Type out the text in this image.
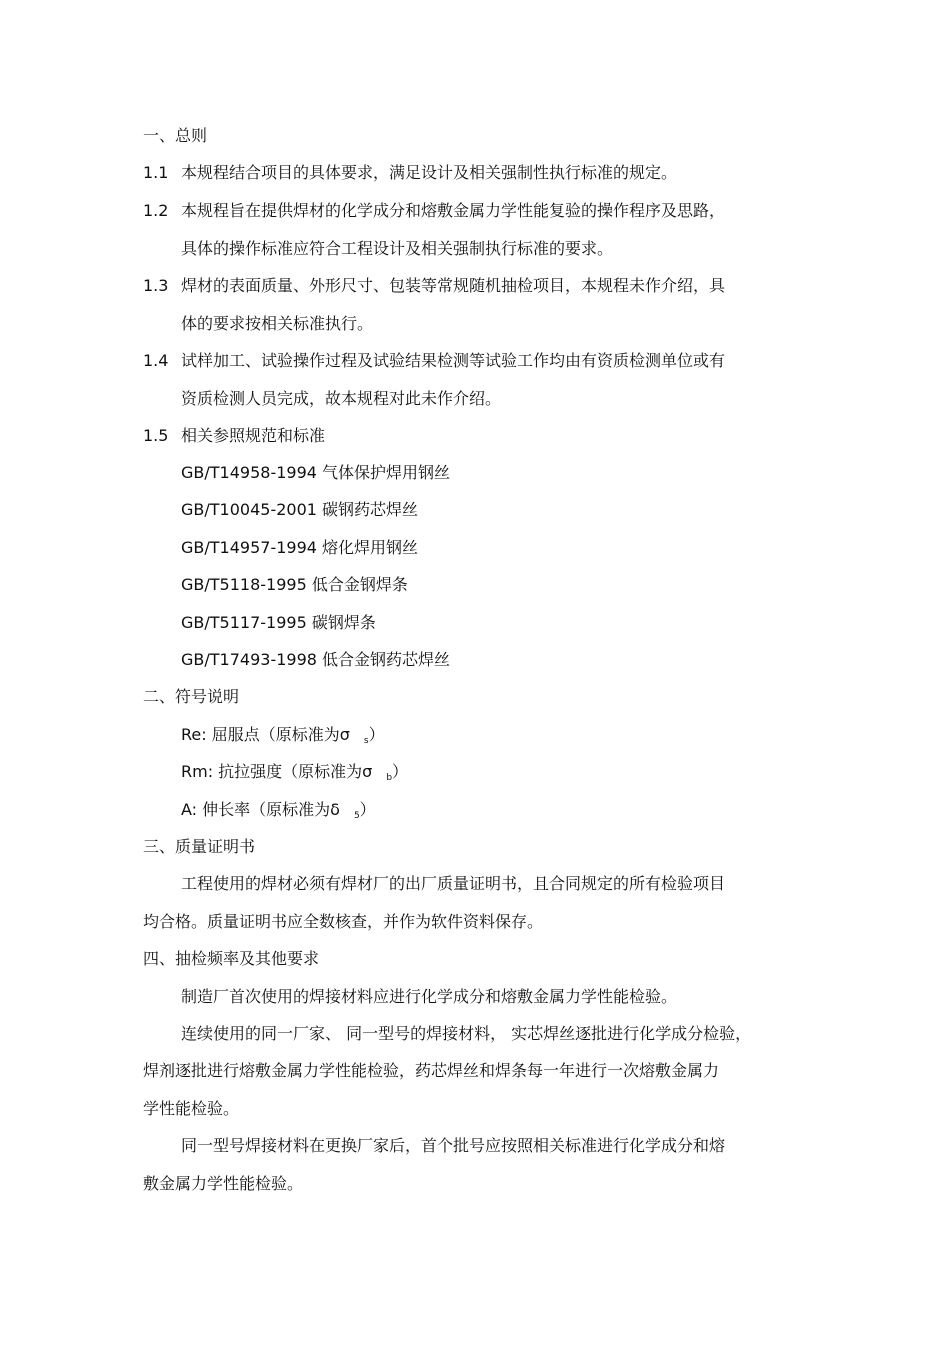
一、总则
1.1 本规程结合项目的具体要求，满足设计及相关强制性执行标准的规定。
1.2 本规程旨在提供焊材的化学成分和熔敷金属力学性能复验的操作程序及思路，
具体的操作标准应符合工程设计及相关强制执行标准的要求。
1.3 焊材的表面质量、外形尺寸、包装等常规随机抽检项目，本规程未作介绍，具
体的要求按相关标准执行。
1.4 试样加工、试验操作过程及试验结果检测等试验工作均由有资质检测单位或有
资质检测人员完成，故本规程对此未作介绍。
1.5 相关参照规范和标准
GB/T14958-1994 气体保护焊用钢丝
GB/T10045-2001 碳钢药芯焊丝
GB/T14957-1994 熔化焊用钢丝
GB/T5118-1995 低合金钢焊条
GB/T5117-1995 碳钢焊条
GB/T17493-1998 低合金钢药芯焊丝
二、符号说明
Re: 屈服点（原标准为σ $_s$）
Rm: 抗拉强度（原标准为σ $_b$）
A: 伸长率（原标准为δ $_5$）
三、质量证明书
工程使用的焊材必须有焊材厂的出厂质量证明书，且合同规定的所有检验项目
均合格。质量证明书应全数核查，并作为软件资料保存。
四、抽检频率及其他要求
制造厂首次使用的焊接材料应进行化学成分和熔敷金属力学性能检验。
连续使用的同一厂家、 同一型号的焊接材料， 实芯焊丝逐批进行化学成分检验，
焊剂逐批进行熔敷金属力学性能检验，药芯焊丝和焊条每一年进行一次熔敷金属力
学性能检验。
同一型号焊接材料在更换厂家后，首个批号应按照相关标准进行化学成分和熔
敷金属力学性能检验。
